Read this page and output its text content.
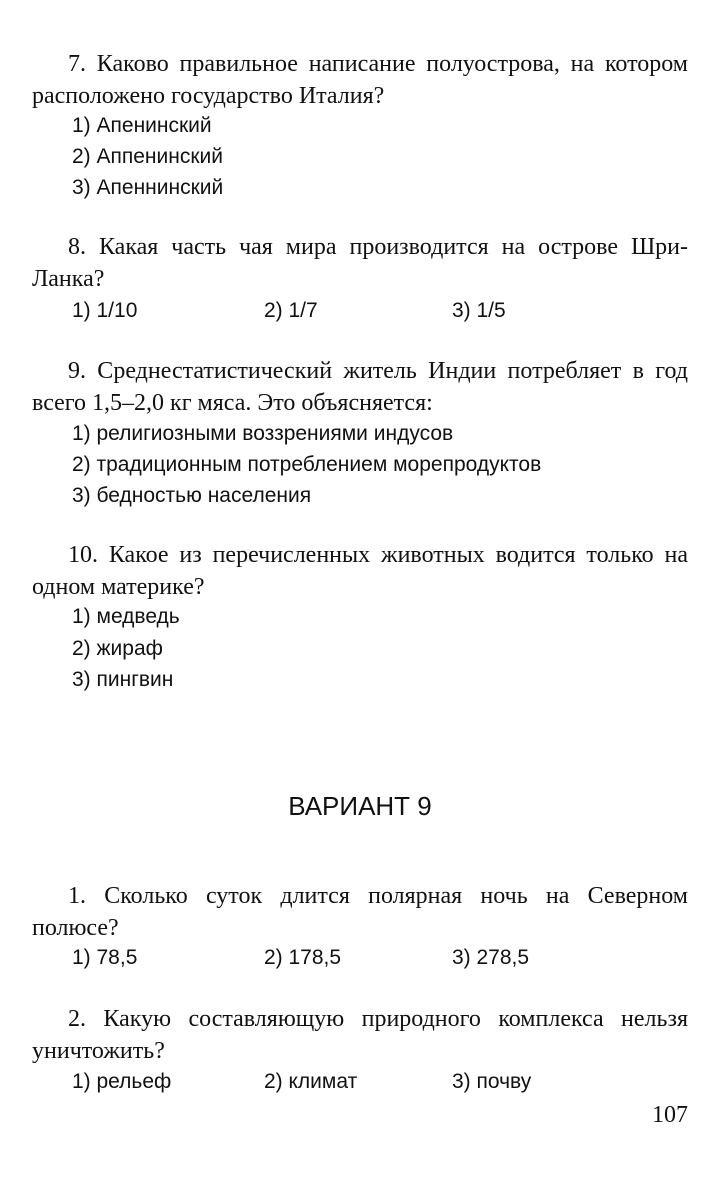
7. Каково правильное написание полуострова, на котором расположено государство Италия?
1) Апенинский
2) Аппенинский
3) Апеннинский
8. Какая часть чая мира производится на острове Шри-Ланка?
1) 1/10	2) 1/7	3) 1/5
9. Среднестатистический житель Индии потребляет в год всего 1,5–2,0 кг мяса. Это объясняется:
1) религиозными воззрениями индусов
2) традиционным потреблением морепродуктов
3) бедностью населения
10. Какое из перечисленных животных водится только на одном материке?
1) медведь
2) жираф
3) пингвин
ВАРИАНТ 9
1. Сколько суток длится полярная ночь на Северном полюсе?
1) 78,5	2) 178,5	3) 278,5
2. Какую составляющую природного комплекса нельзя уничтожить?
1) рельеф	2) климат	3) почву
107
